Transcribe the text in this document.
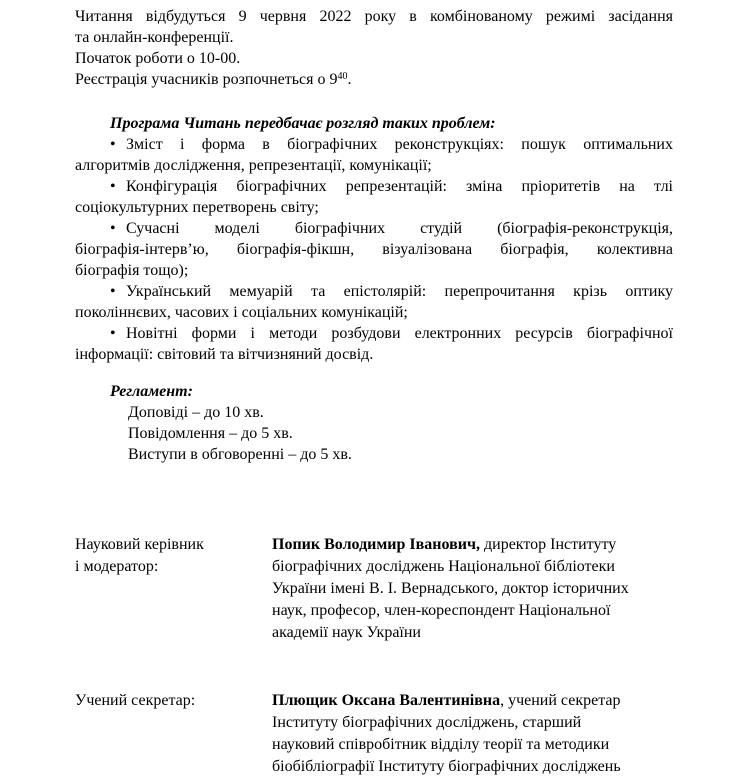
Читання відбудуться 9 червня 2022 року в комбінованому режимі засідання
та онлайн-конференції.
Початок роботи о 10-00.
Реєстрація учасників розпочнеться о $9^{40}$.
Програма Читань передбачає розгляд таких проблем:
• Зміст і форма в біографічних реконструкціях: пошук оптимальних
алгоритмів дослідження, репрезентації, комунікації;
• Конфігурація біографічних репрезентацій: зміна пріоритетів на тлі
соціокультурних перетворень світу;
• Сучасні моделі біографічних студій (біографія-реконструкція,
біографія-інтерв’ю, біографія-фікшн, візуалізована біографія, колективна
біографія тощо);
• Український мемуарій та епістолярій: перепрочитання крізь оптику
поколіннєвих, часових і соціальних комунікацій;
• Новітні форми і методи розбудови електронних ресурсів біографічної
інформації: світовий та вітчизняний досвід.
Регламент:
Доповіді – до 10 хв.
Повідомлення – до 5 хв.
Виступи в обговоренні – до 5 хв.
Науковий керівник
і модератор:
Попик Володимир Іванович, директор Інституту
біографічних досліджень Національної бібліотеки
України імені В. І. Вернадського, доктор історичних
наук, професор, член-кореспондент Національної
академії наук України
Учений секретар:	Плющик Оксана Валентинівна, учений секретар
Інституту біографічних досліджень, старший
науковий співробітник відділу теорії та методики
біобібліографії Інституту біографічних досліджень
